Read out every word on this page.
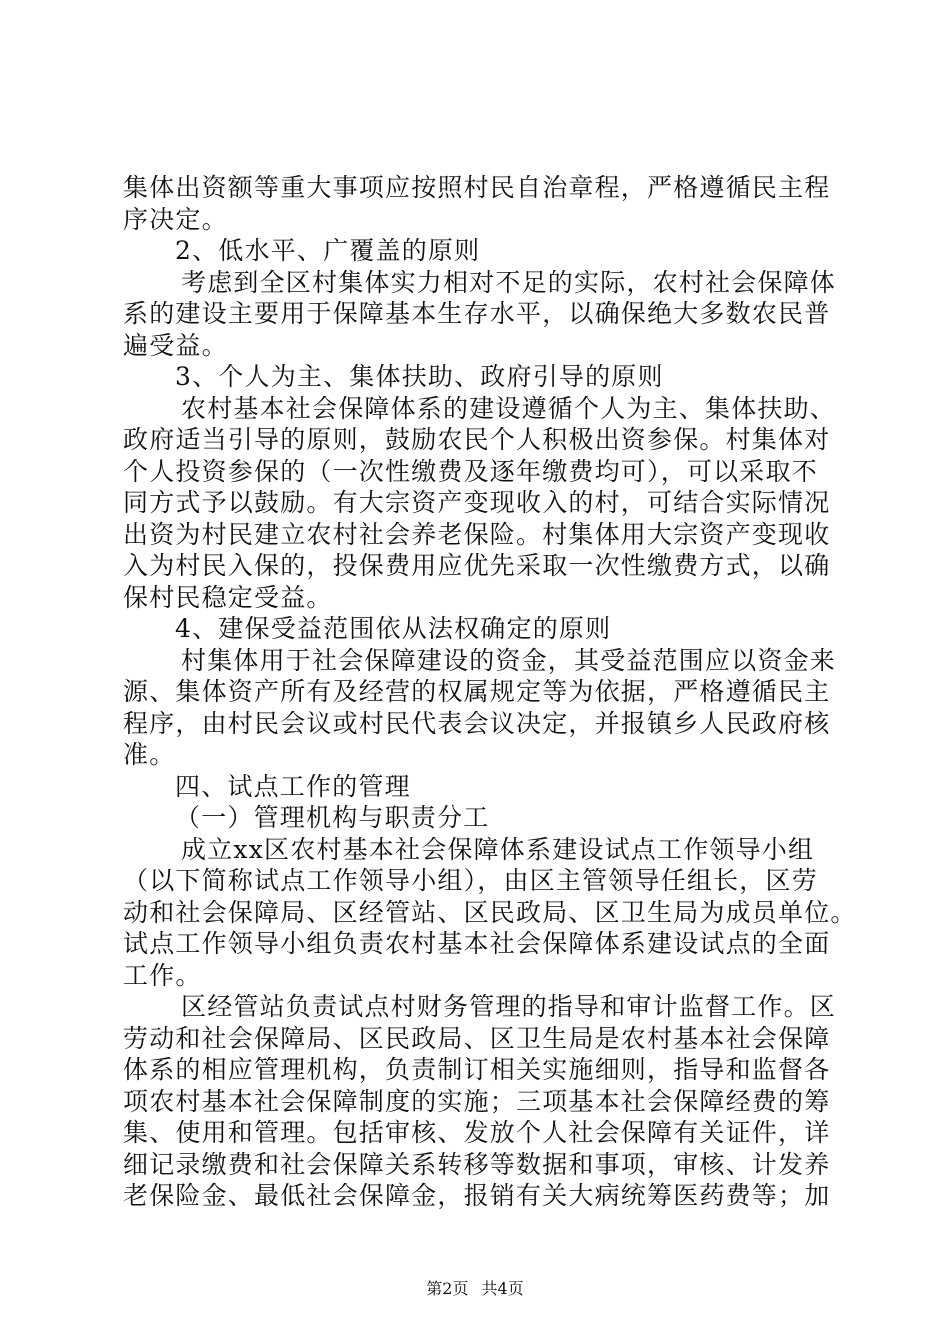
集体出资额等重大事项应按照村民自治章程，严格遵循民主程
序决定。
2、低水平、广覆盖的原则
考虑到全区村集体实力相对不足的实际，农村社会保障体
系的建设主要用于保障基本生存水平，以确保绝大多数农民普
遍受益。
3、个人为主、集体扶助、政府引导的原则
农村基本社会保障体系的建设遵循个人为主、集体扶助、
政府适当引导的原则，鼓励农民个人积极出资参保。村集体对
个人投资参保的（一次性缴费及逐年缴费均可），可以采取不
同方式予以鼓励。有大宗资产变现收入的村，可结合实际情况
出资为村民建立农村社会养老保险。村集体用大宗资产变现收
入为村民入保的，投保费用应优先采取一次性缴费方式，以确
保村民稳定受益。
4、建保受益范围依从法权确定的原则
村集体用于社会保障建设的资金，其受益范围应以资金来
源、集体资产所有及经营的权属规定等为依据，严格遵循民主
程序，由村民会议或村民代表会议决定，并报镇乡人民政府核
准。
四、试点工作的管理
（一）管理机构与职责分工
成立xx区农村基本社会保障体系建设试点工作领导小组
（以下简称试点工作领导小组），由区主管领导任组长，区劳
动和社会保障局、区经管站、区民政局、区卫生局为成员单位。
试点工作领导小组负责农村基本社会保障体系建设试点的全面
工作。
区经管站负责试点村财务管理的指导和审计监督工作。区
劳动和社会保障局、区民政局、区卫生局是农村基本社会保障
体系的相应管理机构，负责制订相关实施细则，指导和监督各
项农村基本社会保障制度的实施；三项基本社会保障经费的筹
集、使用和管理。包括审核、发放个人社会保障有关证件，详
细记录缴费和社会保障关系转移等数据和事项，审核、计发养
老保险金、最低社会保障金，报销有关大病统筹医药费等；加
第2页 共4页
